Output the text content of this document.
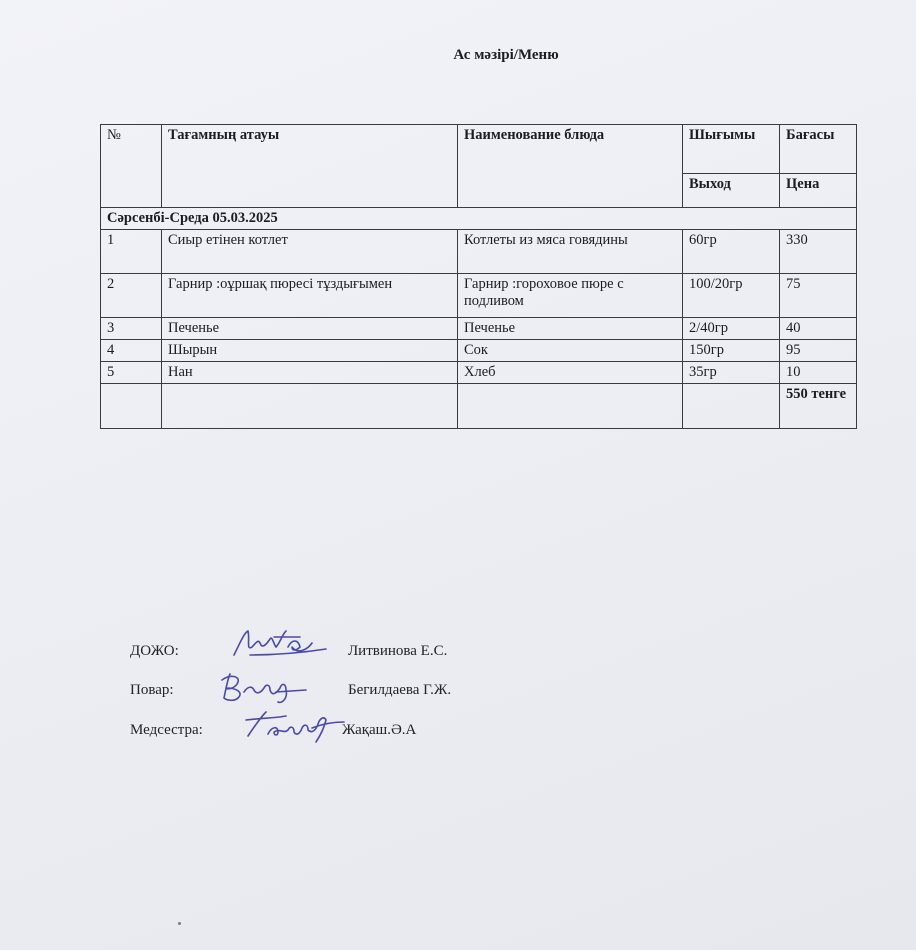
Ас мәзірі/Меню
№	Тағамның атауы	Наименование блюда	Шығымы	Бағасы
			Выход	Цена
Сәрсенбі-Среда 05.03.2025				
1	Сиыр етінен котлет	Котлеты из мяса говядины	60гр	330
2	Гарнир :оұршақ пюресі тұздығымен	Гарнир :гороховое пюре с подливом	100/20гр	75
3	Печенье	Печенье	2/40гр	40
4	Шырын	Сок	150гр	95
5	Нан	Хлеб	35гр	10
				550 тенге
ДОЖО:	Литвинова Е.С.
Повар:	Бегилдаева Г.Ж.
Медсестра:	Жақаш.Ә.А
